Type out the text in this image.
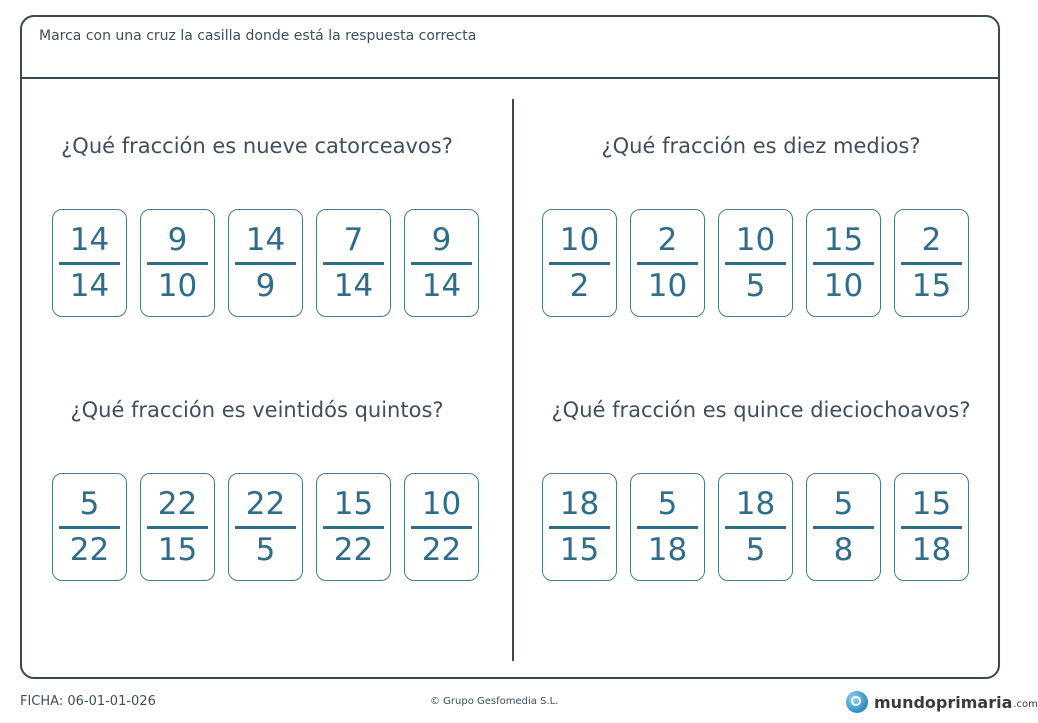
Marca con una cruz la casilla donde está la respuesta correcta
¿Qué fracción es nueve catorceavos?
14
14
9
10
14
9
7
14
9
14
¿Qué fracción es diez medios?
10
2
2
10
10
5
15
10
2
15
¿Qué fracción es veintidós quintos?
5
22
22
15
22
5
15
22
10
22
¿Qué fracción es quince dieciochoavos?
18
15
5
18
18
5
5
8
15
18
FICHA: 06-01-01-026	© Grupo Gesfomedia S.L.	mundoprimaria .com
